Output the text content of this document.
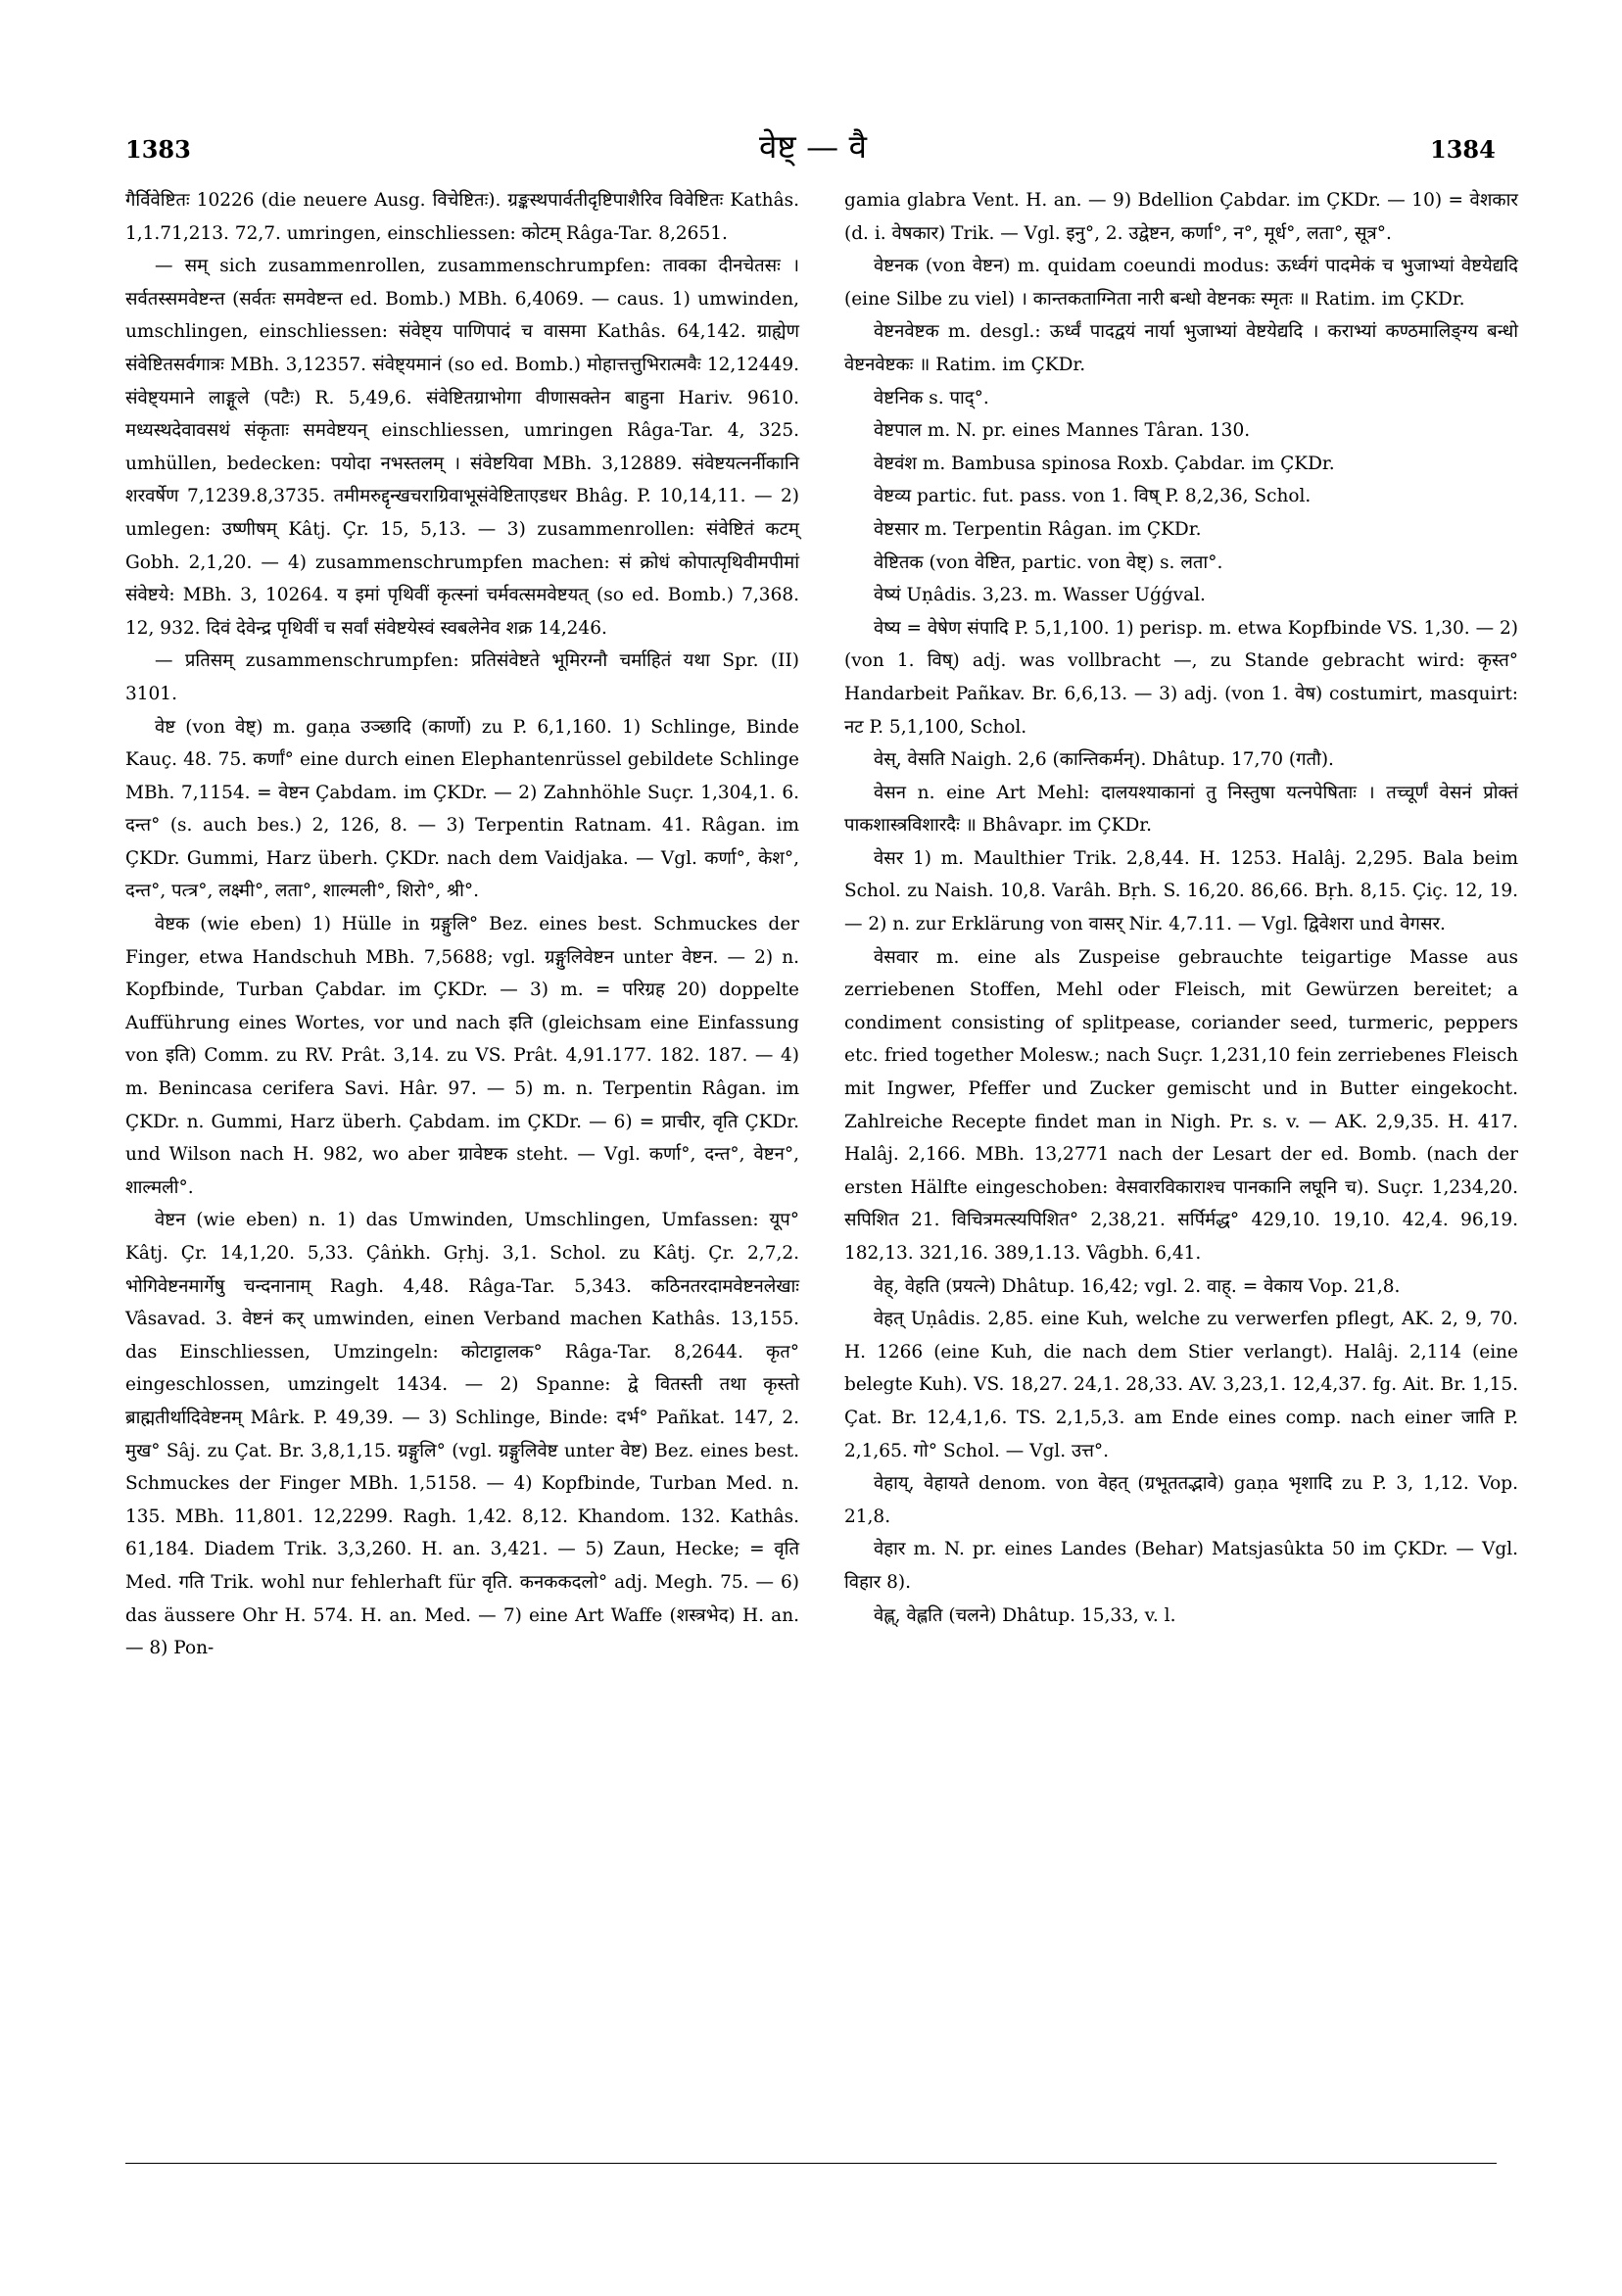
1383	वेष्ट् — वै	1384

गैर्विवेष्टितः 10226 (die neuere Ausg. विचेष्टितः). ग्रङ्कस्थपार्वतीदृष्टिपाशैरिव विवेष्टितः Kathâs. 1,1.71,213. 72,7. umringen, einschliessen: कोटम् Râga-Tar. 8,2651.

— सम् sich zusammenrollen, zusammenschrumpfen: तावका दीनचेतसः । सर्वतस्समवेष्टन्त (सर्वतः समवेष्टन्त ed. Bomb.) MBh. 6,4069. — caus. 1) umwinden, umschlingen, einschliessen: संवेष्ट्य पाणिपादं च वासमा Kathâs. 64,142. ग्राह्येण संवेष्टितसर्वगात्रः MBh. 3,12357. संवेष्ट्यमानं (so ed. Bomb.) मोहात्तत्तुभिरात्मवैः 12,12449. संवेष्ट्यमाने लाङ्गूले (पटैः) R. 5,49,6. संवेष्टितग्राभोगा वीणासक्तेन बाहुना Hariv. 9610. मध्यस्थदेवावसथं संकृताः समवेष्टयन् einschliessen, umringen Râga-Tar. 4, 325. umhüllen, bedecken: पयोदा नभस्तलम् । संवेष्टयिवा MBh. 3,12889. संवेष्टयत्नर्नीकानि शरवर्षेण 7,1239.8,3735. तमीमरुद्दृन्खचराग्रिवाभूसंवेष्टिताएडधर Bhâg. P. 10,14,11. — 2) umlegen: उष्णीषम् Kâtj. Çr. 15, 5,13. — 3) zusammenrollen: संवेष्टितं कटम् Gobh. 2,1,20. — 4) zusammenschrumpfen machen: सं क्रोधं कोपात्पृथिवीमपीमां संवेष्टये: MBh. 3, 10264. य इमां पृथिवीं कृत्स्नां चर्मवत्समवेष्टयत् (so ed. Bomb.) 7,368. 12, 932. दिवं देवेन्द्र पृथिवीं च सर्वां संवेष्टयेस्वं स्वबलेनेव शक्र 14,246.

— प्रतिसम् zusammenschrumpfen: प्रतिसंवेष्टते भूमिरग्नौ चर्माहितं यथा Spr. (II) 3101.

वेष्ट (von वेष्ट्) m. gaṇa उञ्छादि (कार्णो) zu P. 6,1,160. 1) Schlinge, Binde Kauç. 48. 75. कर्णां° eine durch einen Elephantenrüssel gebildete Schlinge MBh. 7,1154. = वेष्टन Çabdam. im ÇKDr. — 2) Zahnhöhle Suçr. 1,304,1. 6. दन्त° (s. auch bes.) 2, 126, 8. — 3) Terpentin Ratnam. 41. Râgan. im ÇKDr. Gummi, Harz überh. ÇKDr. nach dem Vaidjaka. — Vgl. कर्णा°, केश°, दन्त°, पत्त्र°, लक्ष्मी°, लता°, शाल्मली°, शिरो°, श्री°.

वेष्टक (wie eben) 1) Hülle in ग्रङ्गुलि° Bez. eines best. Schmuckes der Finger, etwa Handschuh MBh. 7,5688; vgl. ग्रङ्गुलिवेष्टन unter वेष्टन. — 2) n. Kopfbinde, Turban Çabdar. im ÇKDr. — 3) m. = परिग्रह 20) doppelte Aufführung eines Wortes, vor und nach इति (gleichsam eine Einfassung von इति) Comm. zu RV. Prât. 3,14. zu VS. Prât. 4,91.177. 182. 187. — 4) m. Benincasa cerifera Savi. Hâr. 97. — 5) m. n. Terpentin Râgan. im ÇKDr. n. Gummi, Harz überh. Çabdam. im ÇKDr. — 6) = प्राचीर, वृति ÇKDr. und Wilson nach H. 982, wo aber ग्रावेष्टक steht. — Vgl. कर्णा°, दन्त°, वेष्टन°, शाल्मली°.

वेष्टन (wie eben) n. 1) das Umwinden, Umschlingen, Umfassen: यूप° Kâtj. Çr. 14,1,20. 5,33. Çâṅkh. Gṛhj. 3,1. Schol. zu Kâtj. Çr. 2,7,2. भोगिवेष्टनमार्गेषु चन्दनानाम् Ragh. 4,48. Râga-Tar. 5,343. कठिनतरदामवेष्टनलेखाः Vâsavad. 3. वेष्टनं कर् umwinden, einen Verband machen Kathâs. 13,155. das Einschliessen, Umzingeln: कोटाट्टालक° Râga-Tar. 8,2644. कृत° eingeschlossen, umzingelt 1434. — 2) Spanne: द्वे वितस्ती तथा कृस्तो ब्राह्मतीर्थादिवेष्टनम् Mârk. P. 49,39. — 3) Schlinge, Binde: दर्भ° Pañkat. 147, 2. मुख° Sâj. zu Çat. Br. 3,8,1,15. ग्रङ्गुलि° (vgl. ग्रङ्गुलिवेष्ट unter वेष्ट) Bez. eines best. Schmuckes der Finger MBh. 1,5158. — 4) Kopfbinde, Turban Med. n. 135. MBh. 11,801. 12,2299. Ragh. 1,42. 8,12. Khandom. 132. Kathâs. 61,184. Diadem Trik. 3,3,260. H. an. 3,421. — 5) Zaun, Hecke; = वृति Med. गति Trik. wohl nur fehlerhaft für वृति. कनककदलो° adj. Megh. 75. — 6) das äussere Ohr H. 574. H. an. Med. — 7) eine Art Waffe (शस्त्रभेद) H. an. — 8) Pon-

gamia glabra Vent. H. an. — 9) Bdellion Çabdar. im ÇKDr. — 10) = वेशकार (d. i. वेषकार) Trik. — Vgl. इनु°, 2. उद्वेष्टन, कर्णा°, न°, मूर्ध°, लता°, सूत्र°.

वेष्टनक (von वेष्टन) m. quidam coeundi modus: ऊर्ध्वगं पादमेकं च भुजाभ्यां वेष्टयेद्यदि (eine Silbe zu viel) । कान्तकताग्निता नारी बन्धो वेष्टनकः स्मृतः ॥ Ratim. im ÇKDr.

वेष्टनवेष्टक m. desgl.: ऊर्ध्वं पादद्वयं नार्या भुजाभ्यां वेष्टयेद्यदि । कराभ्यां कण्ठमालिङ्ग्य बन्धो वेष्टनवेष्टकः ॥ Ratim. im ÇKDr.

वेष्टनिक s. पाद्°.

वेष्टपाल m. N. pr. eines Mannes Târan. 130.

वेष्टवंश m. Bambusa spinosa Roxb. Çabdar. im ÇKDr.

वेष्टव्य partic. fut. pass. von 1. विष् P. 8,2,36, Schol.

वेष्टसार m. Terpentin Râgan. im ÇKDr.

वेष्टितक (von वेष्टित, partic. von वेष्ट्) s. लता°.

वेष्यं Uṇâdis. 3,23. m. Wasser Uǵǵval.

वेष्य = वेषेण संपादि P. 5,1,100. 1) perisp. m. etwa Kopfbinde VS. 1,30. — 2) (von 1. विष्) adj. was vollbracht —, zu Stande gebracht wird: कृस्त° Handarbeit Pañkav. Br. 6,6,13. — 3) adj. (von 1. वेष) costumirt, masquirt: नट P. 5,1,100, Schol.

वेस्, वेसति Naigh. 2,6 (कान्तिकर्मन्). Dhâtup. 17,70 (गतौ).

वेसन n. eine Art Mehl: दालयश्याकानां तु निस्तुषा यत्नपेषिताः । तच्चूर्णं वेसनं प्रोक्तं पाकशास्त्रविशारदैः ॥ Bhâvapr. im ÇKDr.

वेसर 1) m. Maulthier Trik. 2,8,44. H. 1253. Halâj. 2,295. Bala beim Schol. zu Naish. 10,8. Varâh. Bṛh. S. 16,20. 86,66. Bṛh. 8,15. Çiç. 12, 19. — 2) n. zur Erklärung von वासर् Nir. 4,7.11. — Vgl. द्विवेशरा und वेगसर.

वेसवार m. eine als Zuspeise gebrauchte teigartige Masse aus zerriebenen Stoffen, Mehl oder Fleisch, mit Gewürzen bereitet; a condiment consisting of splitpease, coriander seed, turmeric, peppers etc. fried together Molesw.; nach Suçr. 1,231,10 fein zerriebenes Fleisch mit Ingwer, Pfeffer und Zucker gemischt und in Butter eingekocht. Zahlreiche Recepte findet man in Nigh. Pr. s. v. — AK. 2,9,35. H. 417. Halâj. 2,166. MBh. 13,2771 nach der Lesart der ed. Bomb. (nach der ersten Hälfte eingeschoben: वेसवारविकाराश्च पानकानि लघूनि च). Suçr. 1,234,20. सपिशित 21. विचित्रमत्स्यपिशित° 2,38,21. सर्पिर्मद्ध° 429,10. 19,10. 42,4. 96,19. 182,13. 321,16. 389,1.13. Vâgbh. 6,41.

वेह्, वेहति (प्रयत्ने) Dhâtup. 16,42; vgl. 2. वाह्. = वेकाय Vop. 21,8.

वेहत् Uṇâdis. 2,85. eine Kuh, welche zu verwerfen pflegt, AK. 2, 9, 70. H. 1266 (eine Kuh, die nach dem Stier verlangt). Halâj. 2,114 (eine belegte Kuh). VS. 18,27. 24,1. 28,33. AV. 3,23,1. 12,4,37. fg. Ait. Br. 1,15. Çat. Br. 12,4,1,6. TS. 2,1,5,3. am Ende eines comp. nach einer जाति P. 2,1,65. गो° Schol. — Vgl. उत्त°.

वेहाय्, वेहायते denom. von वेहत् (ग्रभूततद्भावे) gaṇa भृशादि zu P. 3, 1,12. Vop. 21,8.

वेहार m. N. pr. eines Landes (Behar) Matsjasûkta 50 im ÇKDr. — Vgl. विहार 8).

वेह्ल्, वेह्लति (चलने) Dhâtup. 15,33, v. l.
